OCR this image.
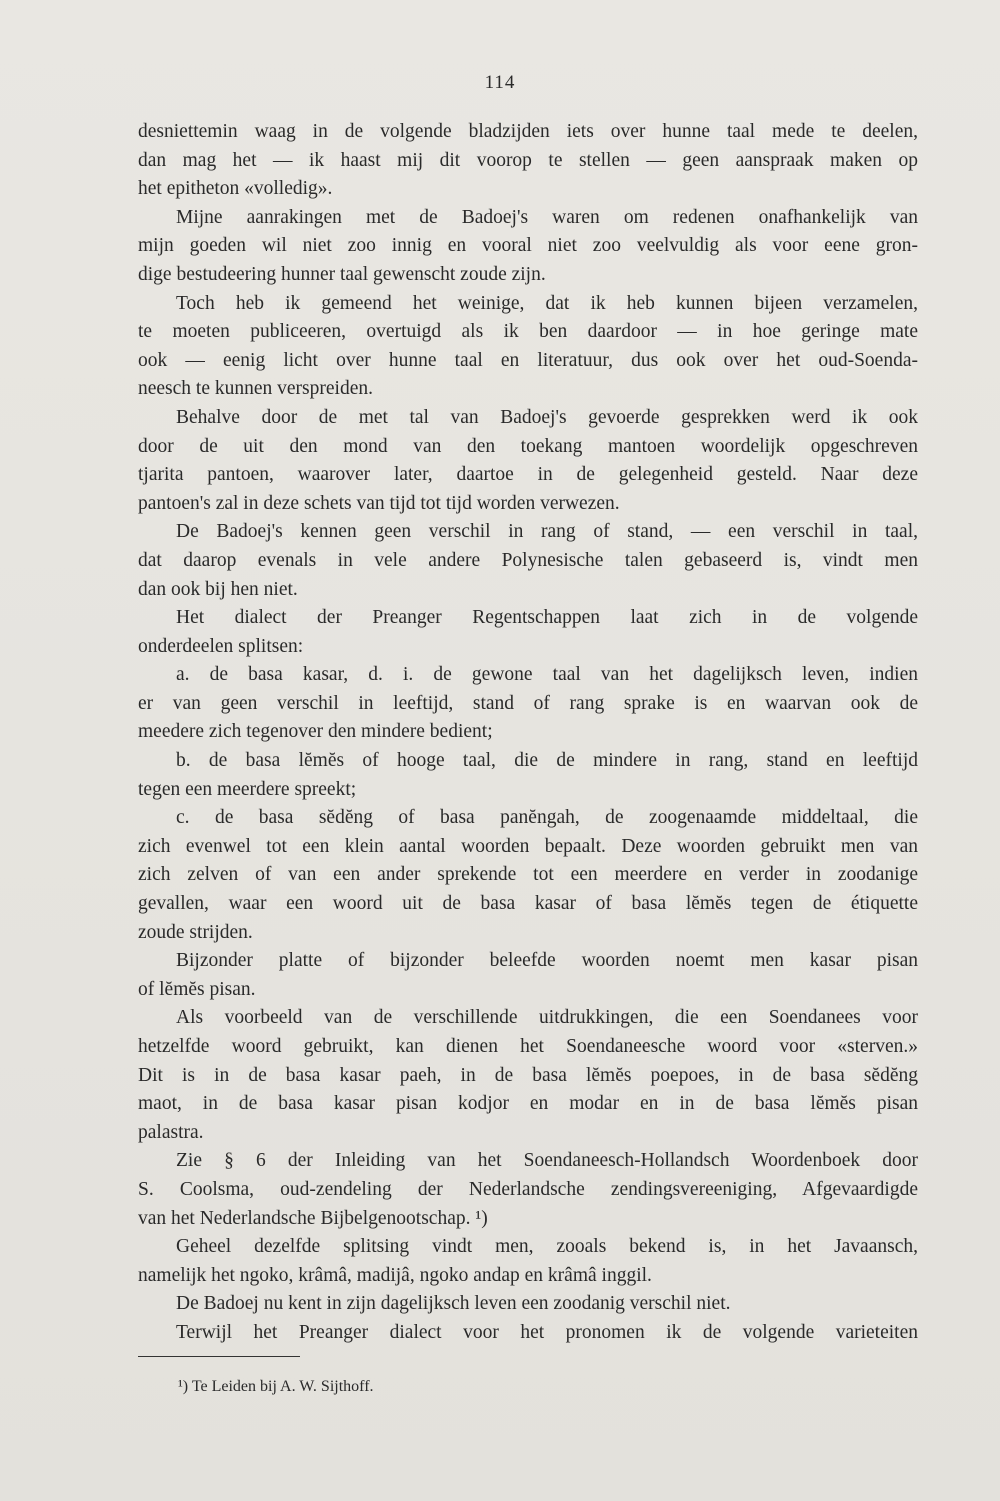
114
desniettemin waag in de volgende bladzijden iets over hunne taal mede te deelen,
dan mag het — ik haast mij dit voorop te stellen — geen aanspraak maken op
het epitheton «volledig».
Mijne aanrakingen met de Badoej's waren om redenen onafhankelijk van
mijn goeden wil niet zoo innig en vooral niet zoo veelvuldig als voor eene gron-
dige bestudeering hunner taal gewenscht zoude zijn.
Toch heb ik gemeend het weinige, dat ik heb kunnen bijeen verzamelen,
te moeten publiceeren, overtuigd als ik ben daardoor — in hoe geringe mate
ook — eenig licht over hunne taal en literatuur, dus ook over het oud-Soenda-
neesch te kunnen verspreiden.
Behalve door de met tal van Badoej's gevoerde gesprekken werd ik ook
door de uit den mond van den toekang mantoen woordelijk opgeschreven
tjarita pantoen, waarover later, daartoe in de gelegenheid gesteld. Naar deze
pantoen's zal in deze schets van tijd tot tijd worden verwezen.
De Badoej's kennen geen verschil in rang of stand, — een verschil in taal,
dat daarop evenals in vele andere Polynesische talen gebaseerd is, vindt men
dan ook bij hen niet.
Het dialect der Preanger Regentschappen laat zich in de volgende
onderdeelen splitsen:
a. de basa kasar, d. i. de gewone taal van het dagelijksch leven, indien
er van geen verschil in leeftijd, stand of rang sprake is en waarvan ook de
meedere zich tegenover den mindere bedient;
b. de basa lĕmĕs of hooge taal, die de mindere in rang, stand en leeftijd
tegen een meerdere spreekt;
c. de basa sĕdĕng of basa panĕngah, de zoogenaamde middeltaal, die
zich evenwel tot een klein aantal woorden bepaalt. Deze woorden gebruikt men van
zich zelven of van een ander sprekende tot een meerdere en verder in zoodanige
gevallen, waar een woord uit de basa kasar of basa lĕmĕs tegen de étiquette
zoude strijden.
Bijzonder platte of bijzonder beleefde woorden noemt men kasar pisan
of lĕmĕs pisan.
Als voorbeeld van de verschillende uitdrukkingen, die een Soendanees voor
hetzelfde woord gebruikt, kan dienen het Soendaneesche woord voor «sterven.»
Dit is in de basa kasar paeh, in de basa lĕmĕs poepoes, in de basa sĕdĕng
maot, in de basa kasar pisan kodjor en modar en in de basa lĕmĕs pisan
palastra.
Zie § 6 der Inleiding van het Soendaneesch-Hollandsch Woordenboek door
S. Coolsma, oud-zendeling der Nederlandsche zendingsvereeniging, Afgevaardigde
van het Nederlandsche Bijbelgenootschap. ¹)
Geheel dezelfde splitsing vindt men, zooals bekend is, in het Javaansch,
namelijk het ngoko, krâmâ, madijâ, ngoko andap en krâmâ inggil.
De Badoej nu kent in zijn dagelijksch leven een zoodanig verschil niet.
Terwijl het Preanger dialect voor het pronomen ik de volgende varieteiten
¹) Te Leiden bij A. W. Sijthoff.
